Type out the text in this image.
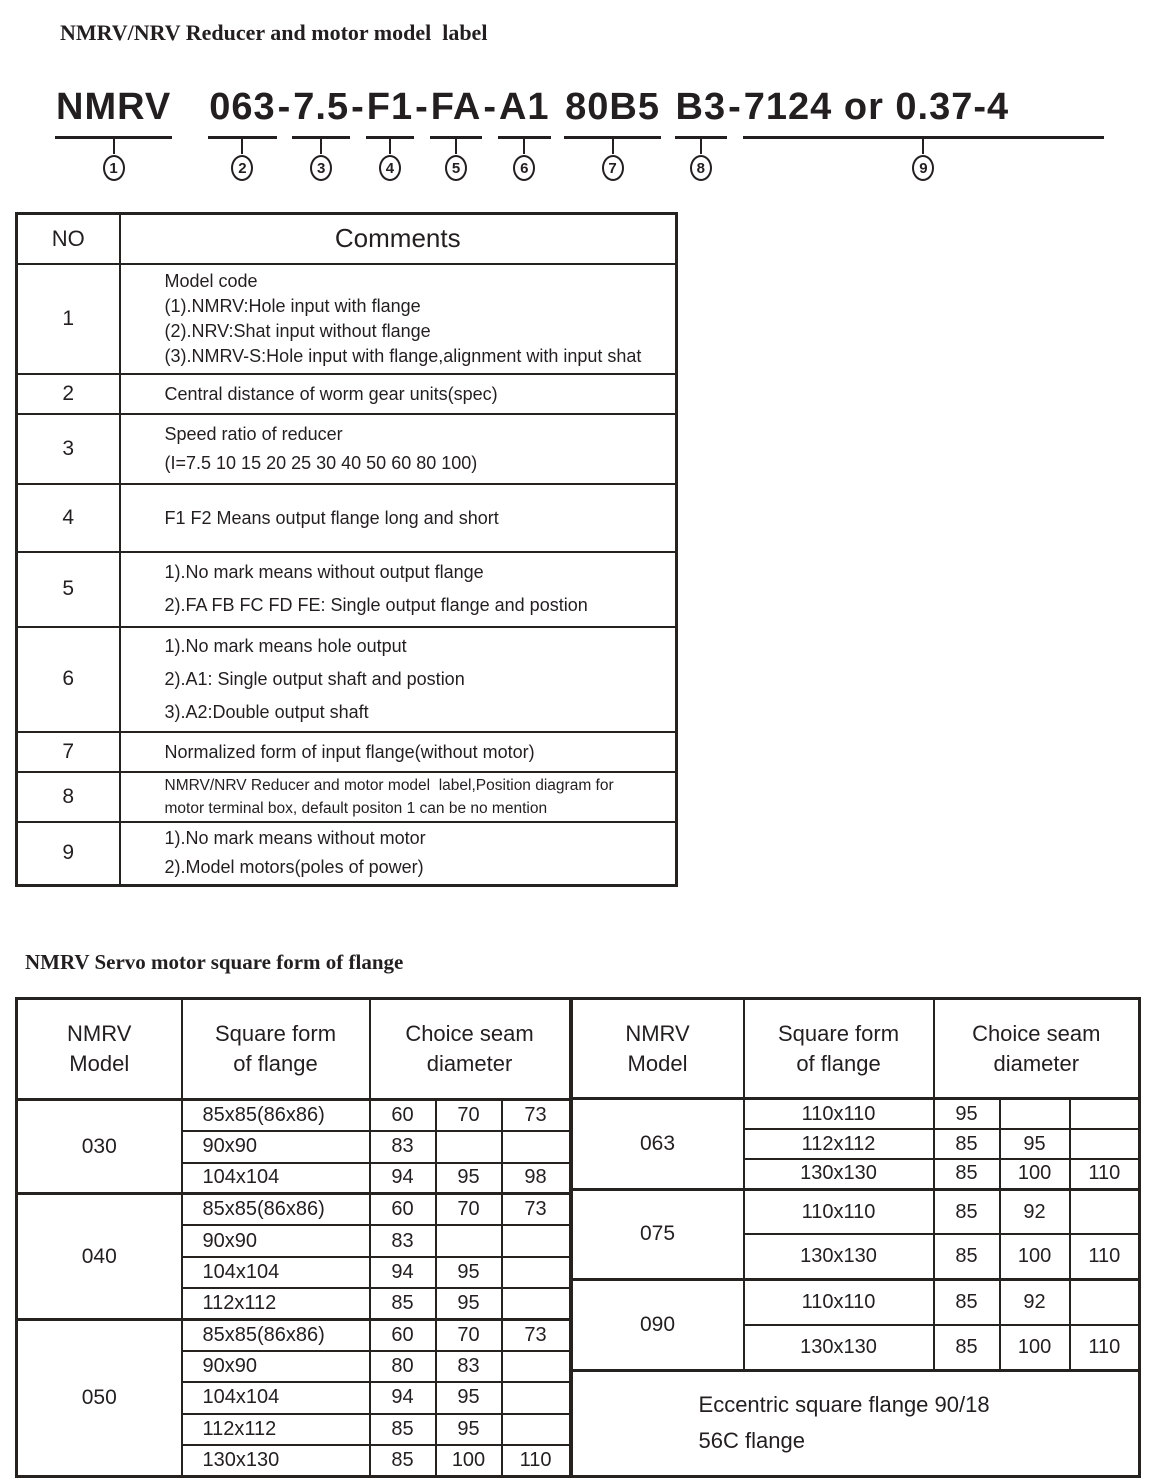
NMRV/NRV Reducer and motor model  label
NMRV
1
063
2
- 7.5
3
- F1
4
- FA
5
- A1
6

80B5
7

B3
8
- 7124 or 0.37-4
9
NO	Comments
1	Model code
(1).NMRV:Hole input with flange
(2).NRV:Shat input without flange
(3).NMRV-S:Hole input with flange,alignment with input shat

2	Central distance of worm gear units(spec)

3	Speed ratio of reducer
(I=7.5 10 15 20 25 30 40 50 60 80 100)

4	F1 F2 Means output flange long and short

5	1).No mark means without output flange
2).FA FB FC FD FE: Single output flange and postion

6	1).No mark means hole output
2).A1: Single output shaft and postion
3).A2:Double output shaft

7	Normalized form of input flange(without motor)

8	NMRV/NRV Reducer and motor model  label,Position diagram for
motor terminal box, default positon 1 can be no mention

9	1).No mark means without motor
2).Model motors(poles of power)
NMRV Servo motor square form of flange
NMRV
Model

Square form
of flange

Choice seam
diameter

030	85x85(86x86)	60	70	73
	90x90	83		
	104x104	94	95	98
040	85x85(86x86)	60	70	73
	90x90	83		
	104x104	94	95	
	112x112	85	95	
050	85x85(86x86)	60	70	73
	90x90	80	83	
	104x104	94	95	
	112x112	85	95	
	130x130	85	100	110
NMRV
Model

Square form
of flange

Choice seam
diameter

063	110x110	95		
	112x112	85	95	
	130x130	85	100	110
075	110x110	85	92	
	130x130	85	100	110
090	110x110	85	92	
	130x130	85	100	110

Eccentric square flange 90/18
56C flange				
